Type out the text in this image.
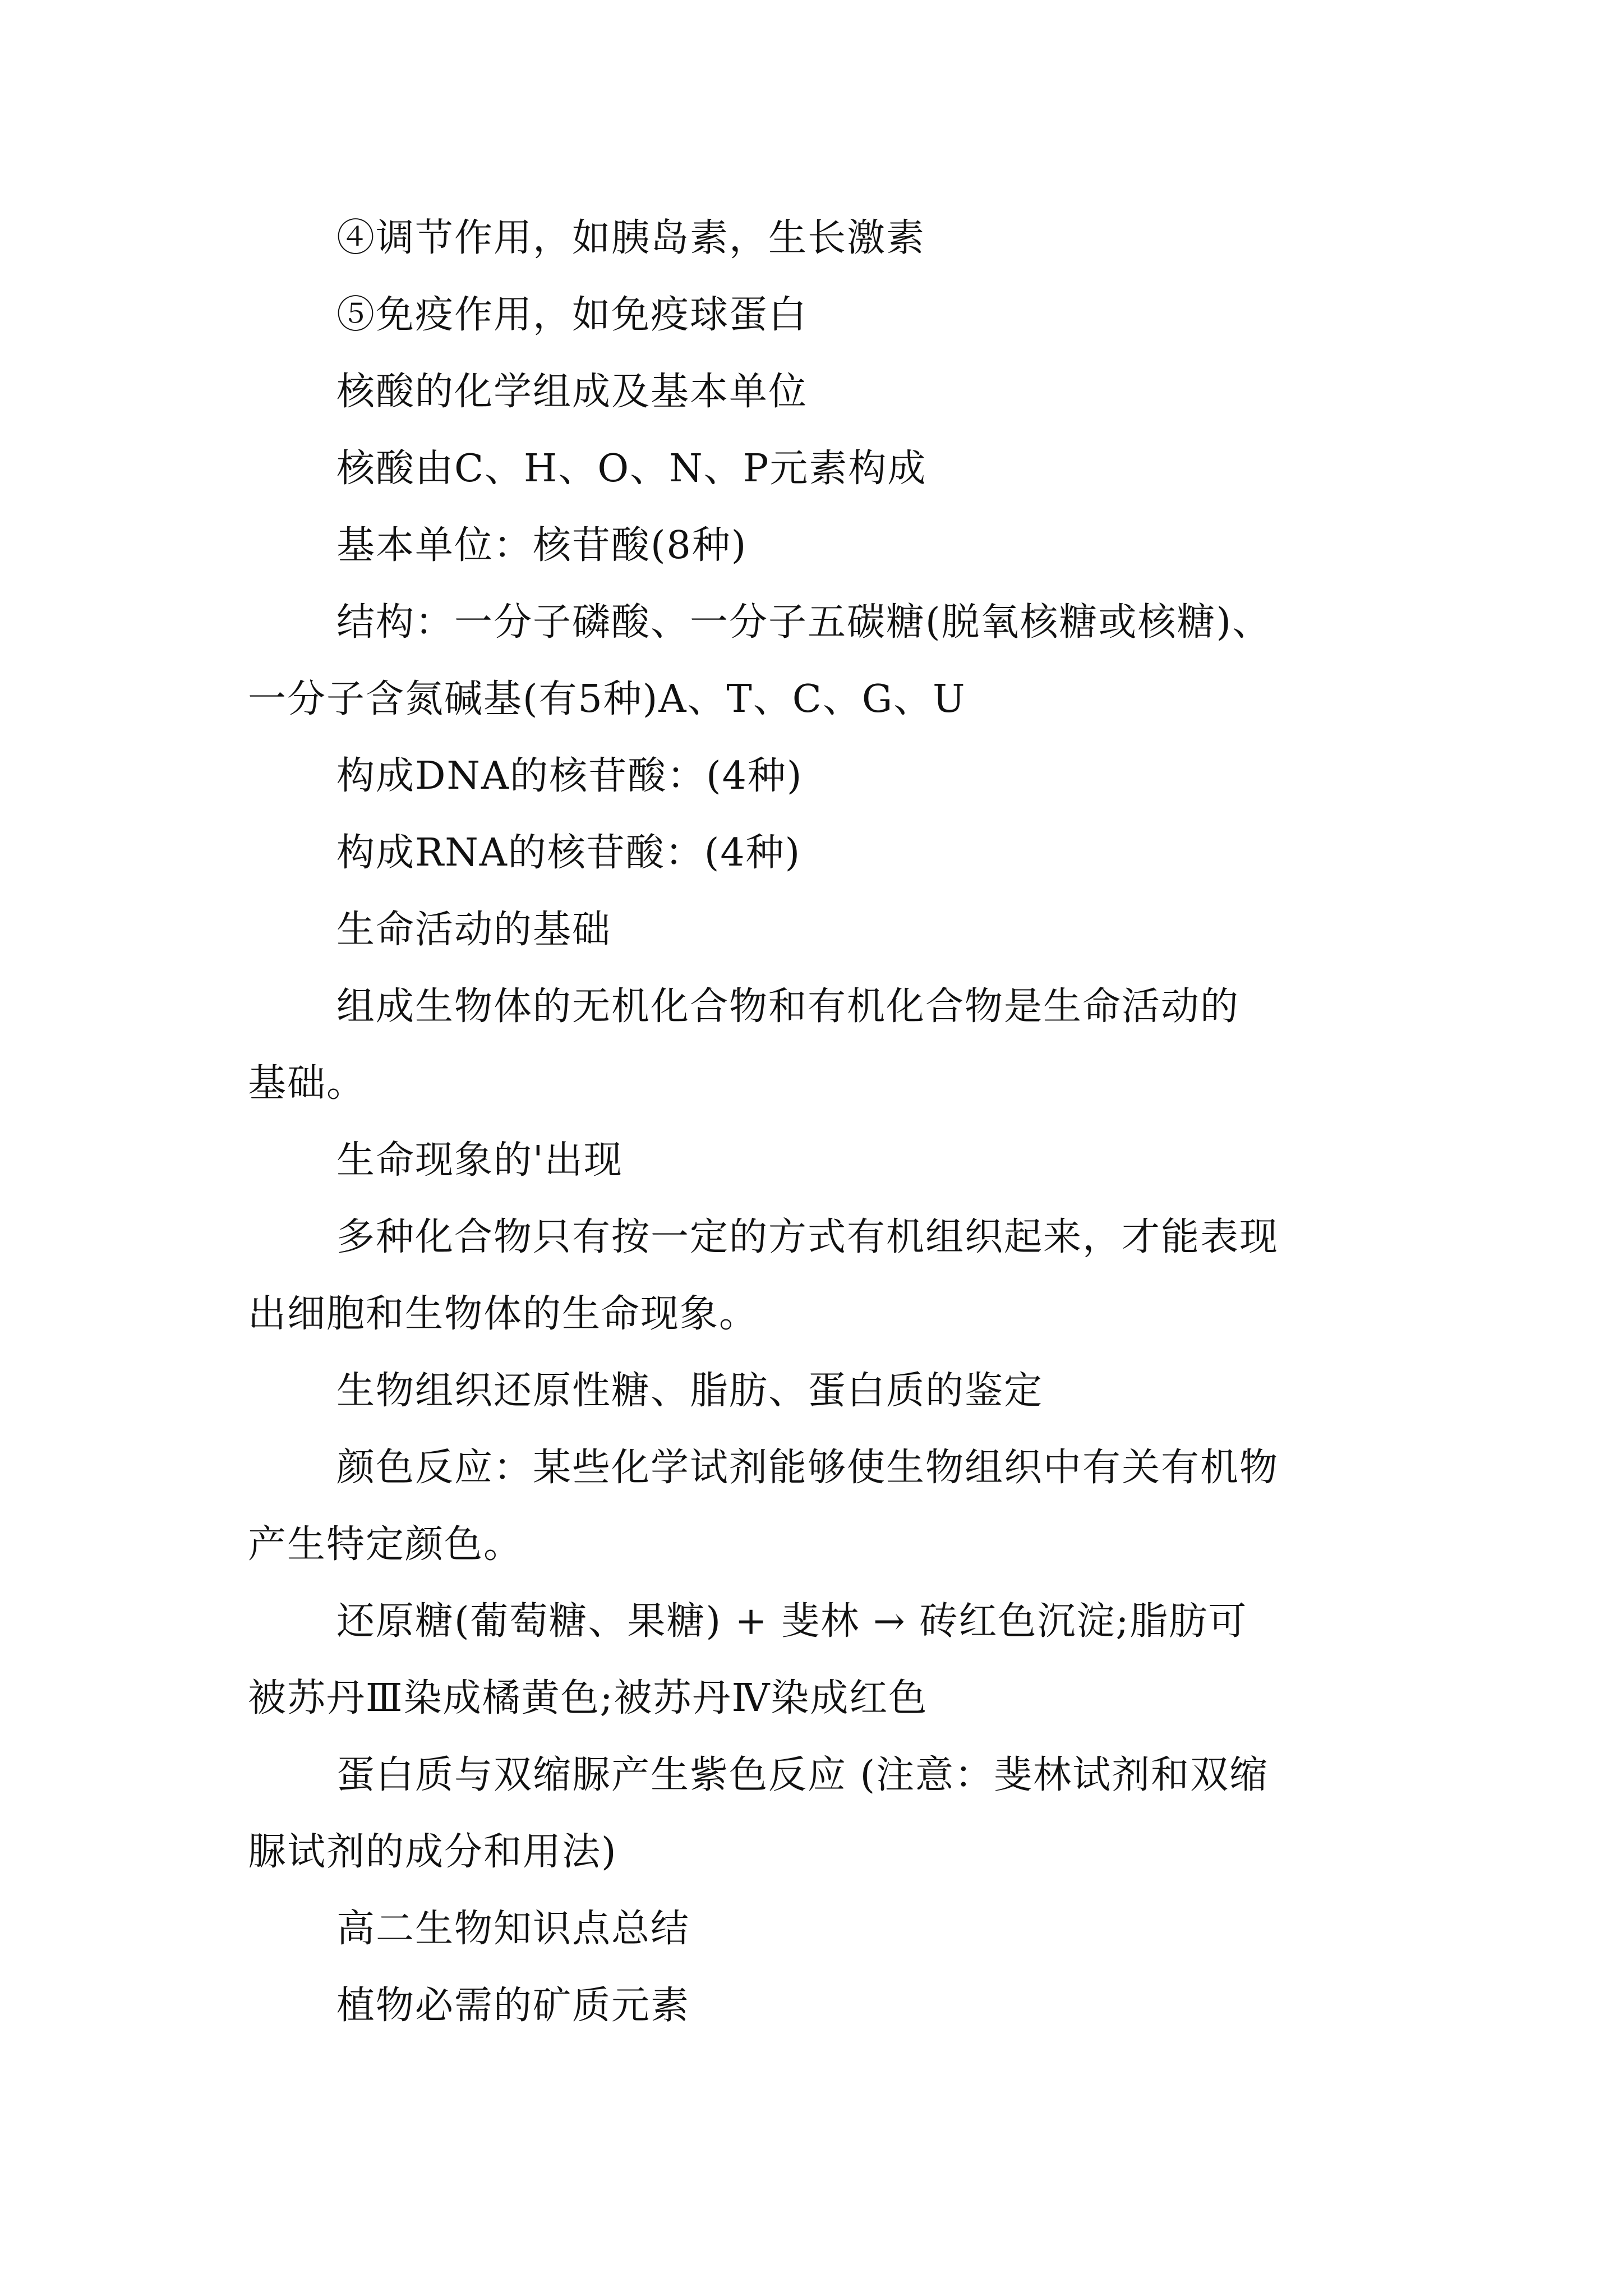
④调节作用，如胰岛素，生长激素

⑤免疫作用，如免疫球蛋白

核酸的化学组成及基本单位

核酸由C、H、O、N、P元素构成

基本单位：核苷酸(8种)

结构：一分子磷酸、一分子五碳糖(脱氧核糖或核糖)、

一分子含氮碱基(有5种)A、T、C、G、U

构成DNA的核苷酸：(4种)

构成RNA的核苷酸：(4种)

生命活动的基础

组成生物体的无机化合物和有机化合物是生命活动的

基础。

生命现象的'出现

多种化合物只有按一定的方式有机组织起来，才能表现

出细胞和生物体的生命现象。

生物组织还原性糖、脂肪、蛋白质的鉴定

颜色反应：某些化学试剂能够使生物组织中有关有机物

产生特定颜色。

还原糖(葡萄糖、果糖) + 斐林 → 砖红色沉淀;脂肪可

被苏丹Ⅲ染成橘黄色;被苏丹Ⅳ染成红色

蛋白质与双缩脲产生紫色反应 (注意：斐林试剂和双缩

脲试剂的成分和用法)

高二生物知识点总结

植物必需的矿质元素
